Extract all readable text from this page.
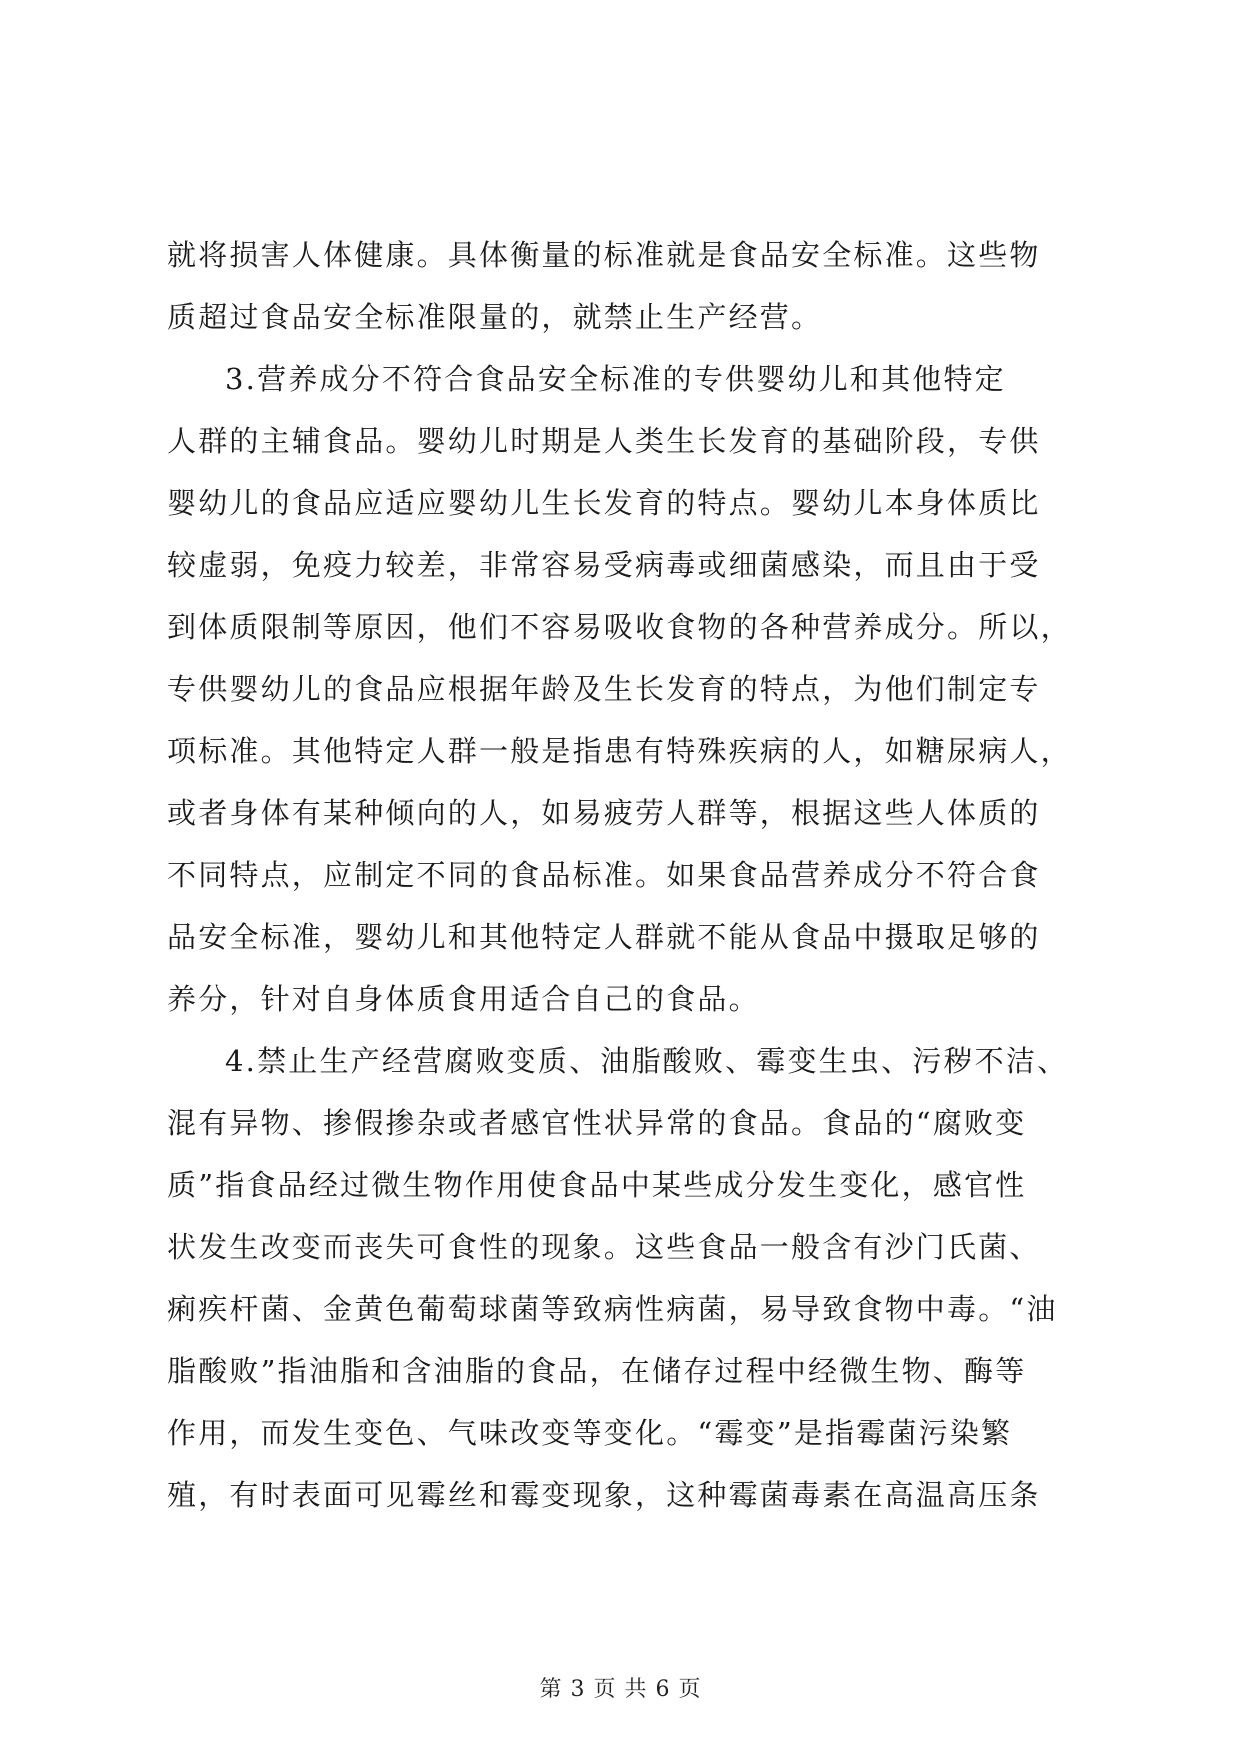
就将损害人体健康。具体衡量的标准就是食品安全标准。这些物
质超过食品安全标准限量的，就禁止生产经营。
3.营养成分不符合食品安全标准的专供婴幼儿和其他特定
人群的主辅食品。婴幼儿时期是人类生长发育的基础阶段，专供
婴幼儿的食品应适应婴幼儿生长发育的特点。婴幼儿本身体质比
较虚弱，免疫力较差，非常容易受病毒或细菌感染，而且由于受
到体质限制等原因，他们不容易吸收食物的各种营养成分。所以，
专供婴幼儿的食品应根据年龄及生长发育的特点，为他们制定专
项标准。其他特定人群一般是指患有特殊疾病的人，如糖尿病人，
或者身体有某种倾向的人，如易疲劳人群等，根据这些人体质的
不同特点，应制定不同的食品标准。如果食品营养成分不符合食
品安全标准，婴幼儿和其他特定人群就不能从食品中摄取足够的
养分，针对自身体质食用适合自己的食品。
4.禁止生产经营腐败变质、油脂酸败、霉变生虫、污秽不洁、
混有异物、掺假掺杂或者感官性状异常的食品。食品的“腐败变
质”指食品经过微生物作用使食品中某些成分发生变化，感官性
状发生改变而丧失可食性的现象。这些食品一般含有沙门氏菌、
痢疾杆菌、金黄色葡萄球菌等致病性病菌，易导致食物中毒。“油
脂酸败”指油脂和含油脂的食品，在储存过程中经微生物、酶等
作用，而发生变色、气味改变等变化。“霉变”是指霉菌污染繁
殖，有时表面可见霉丝和霉变现象，这种霉菌毒素在高温高压条
第 3 页 共 6 页
